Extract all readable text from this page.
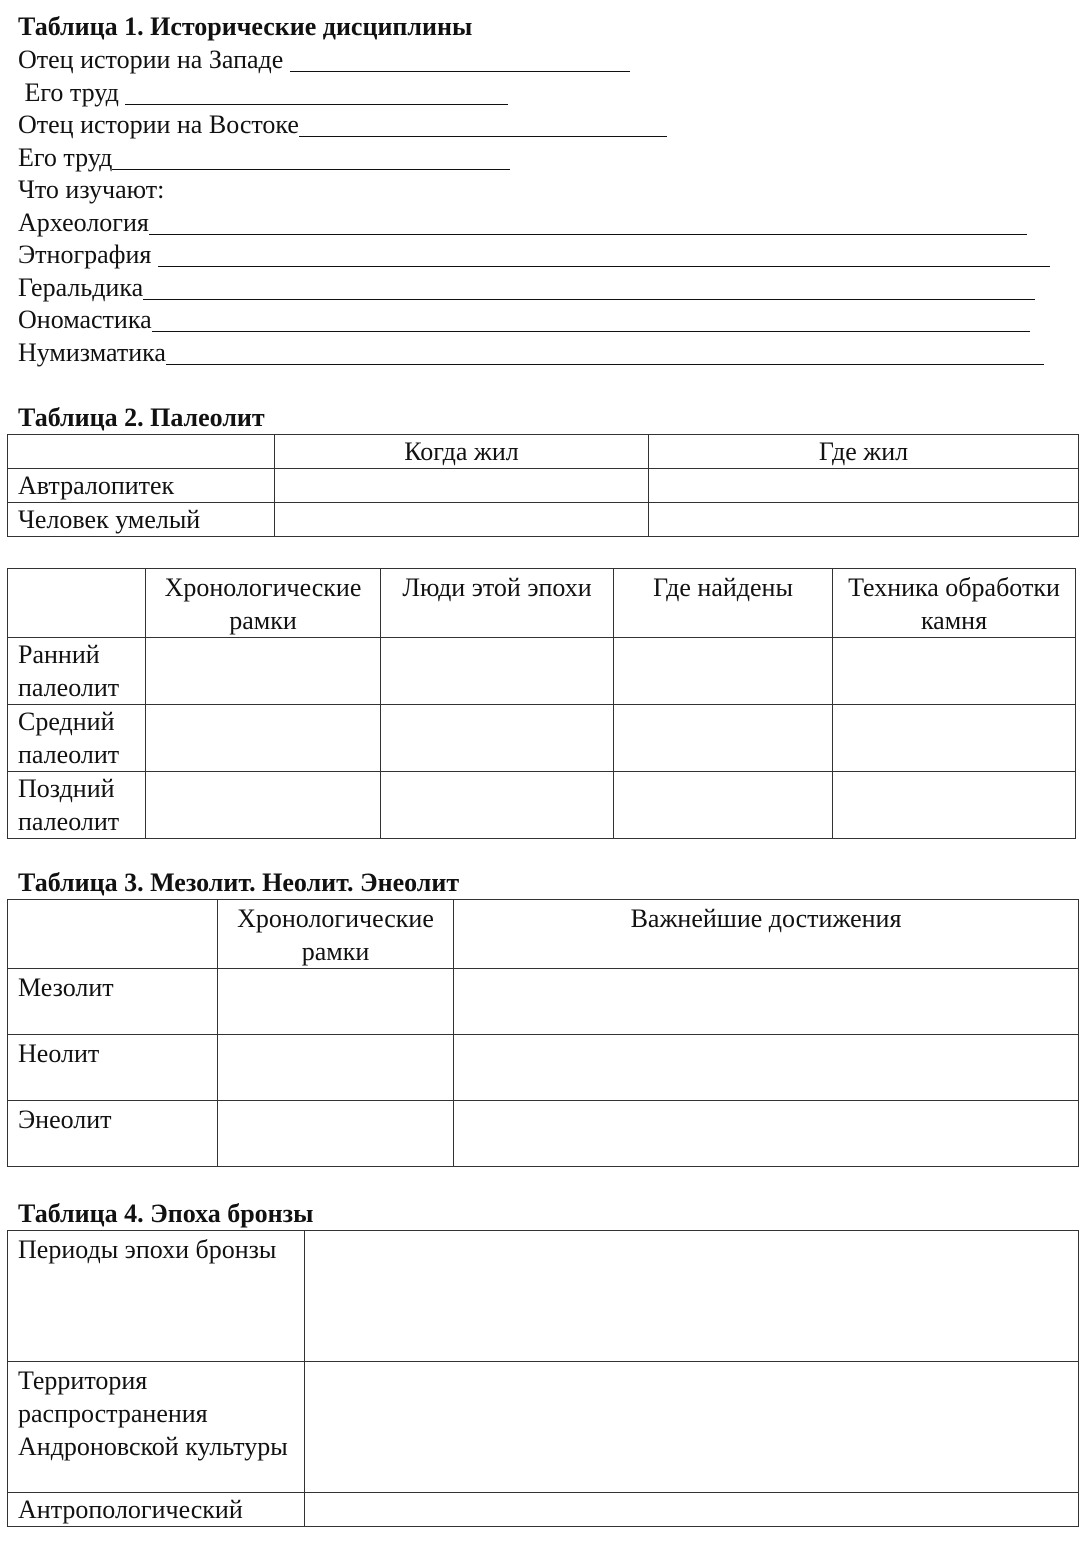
Таблица 1. Исторические дисциплины
Отец истории на Западе
Его труд
Отец истории на Востоке
Его труд
Что изучают:
Археология
Этнография
Геральдика
Ономастика
Нумизматика
Таблица 2. Палеолит
	Когда жил	Где жил
Автралопитек		
Человек умелый		
	Хронологические рамки	Люди этой эпохи	Где найдены	Техника обработки камня
Ранний палеолит				
Средний палеолит				
Поздний палеолит				
Таблица 3. Мезолит. Неолит. Энеолит
	Хронологические рамки	Важнейшие достижения
Мезолит		
Неолит		
Энеолит		
Таблица 4. Эпоха бронзы
Периоды эпохи бронзы	
Территория распространения Андроновской культуры	
Антропологический	
